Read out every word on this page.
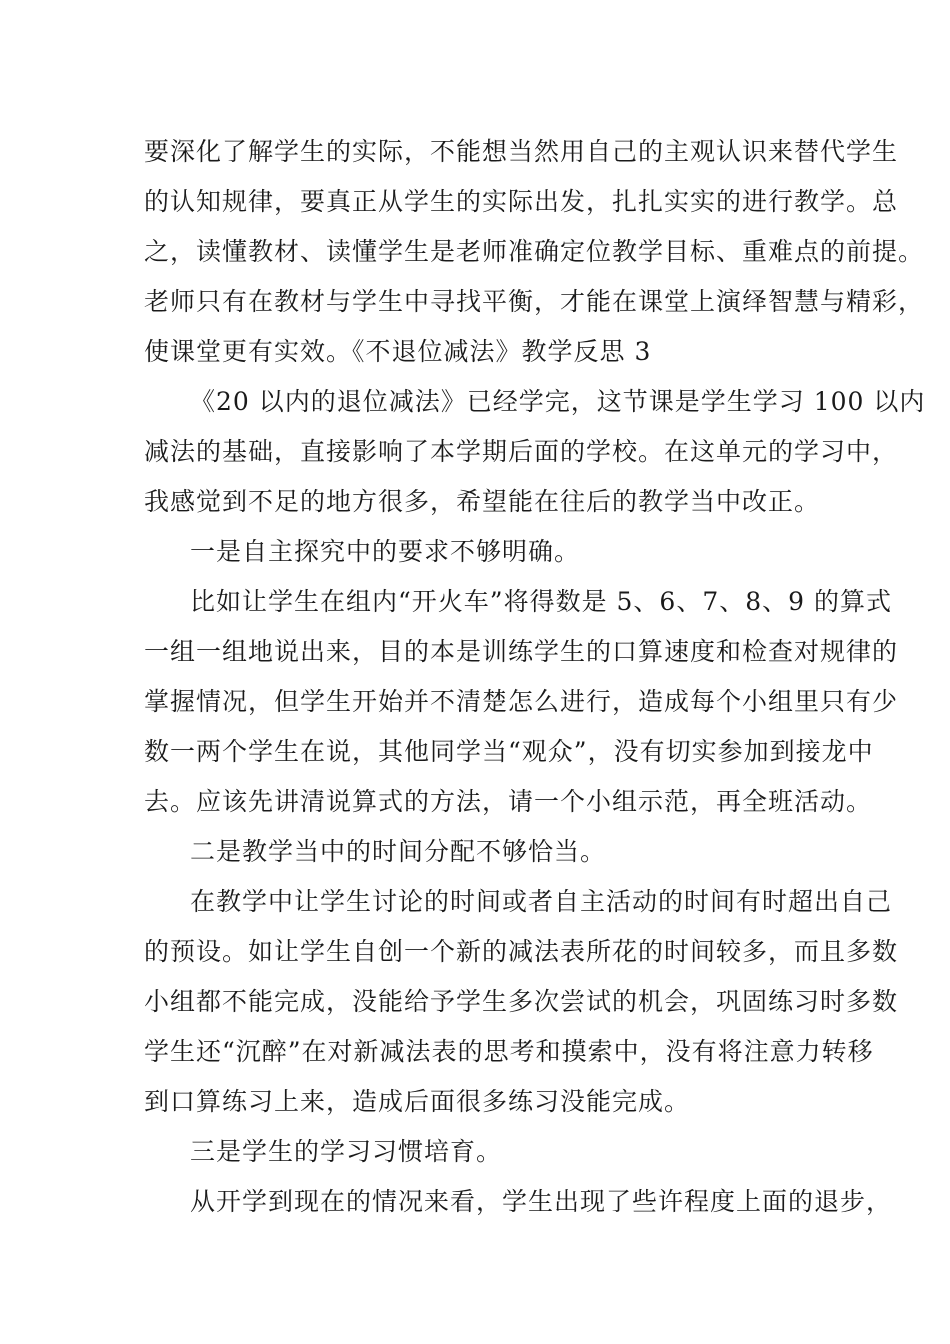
要深化了解学生的实际，不能想当然用自己的主观认识来替代学生
的认知规律，要真正从学生的实际出发，扎扎实实的进行教学。总
之，读懂教材、读懂学生是老师准确定位教学目标、重难点的前提。
老师只有在教材与学生中寻找平衡，才能在课堂上演绎智慧与精彩，
使课堂更有实效。《不退位减法》教学反思 3
《20 以内的退位减法》已经学完，这节课是学生学习 100 以内
减法的基础，直接影响了本学期后面的学校。在这单元的学习中，
我感觉到不足的地方很多，希望能在往后的教学当中改正。
一是自主探究中的要求不够明确。
比如让学生在组内“开火车”将得数是 5、6、7、8、9 的算式
一组一组地说出来，目的本是训练学生的口算速度和检查对规律的
掌握情况，但学生开始并不清楚怎么进行，造成每个小组里只有少
数一两个学生在说，其他同学当“观众”，没有切实参加到接龙中
去。应该先讲清说算式的方法，请一个小组示范，再全班活动。
二是教学当中的时间分配不够恰当。
在教学中让学生讨论的时间或者自主活动的时间有时超出自己
的预设。如让学生自创一个新的减法表所花的时间较多，而且多数
小组都不能完成，没能给予学生多次尝试的机会，巩固练习时多数
学生还“沉醉”在对新减法表的思考和摸索中，没有将注意力转移
到口算练习上来，造成后面很多练习没能完成。
三是学生的学习习惯培育。
从开学到现在的情况来看，学生出现了些许程度上面的退步，
